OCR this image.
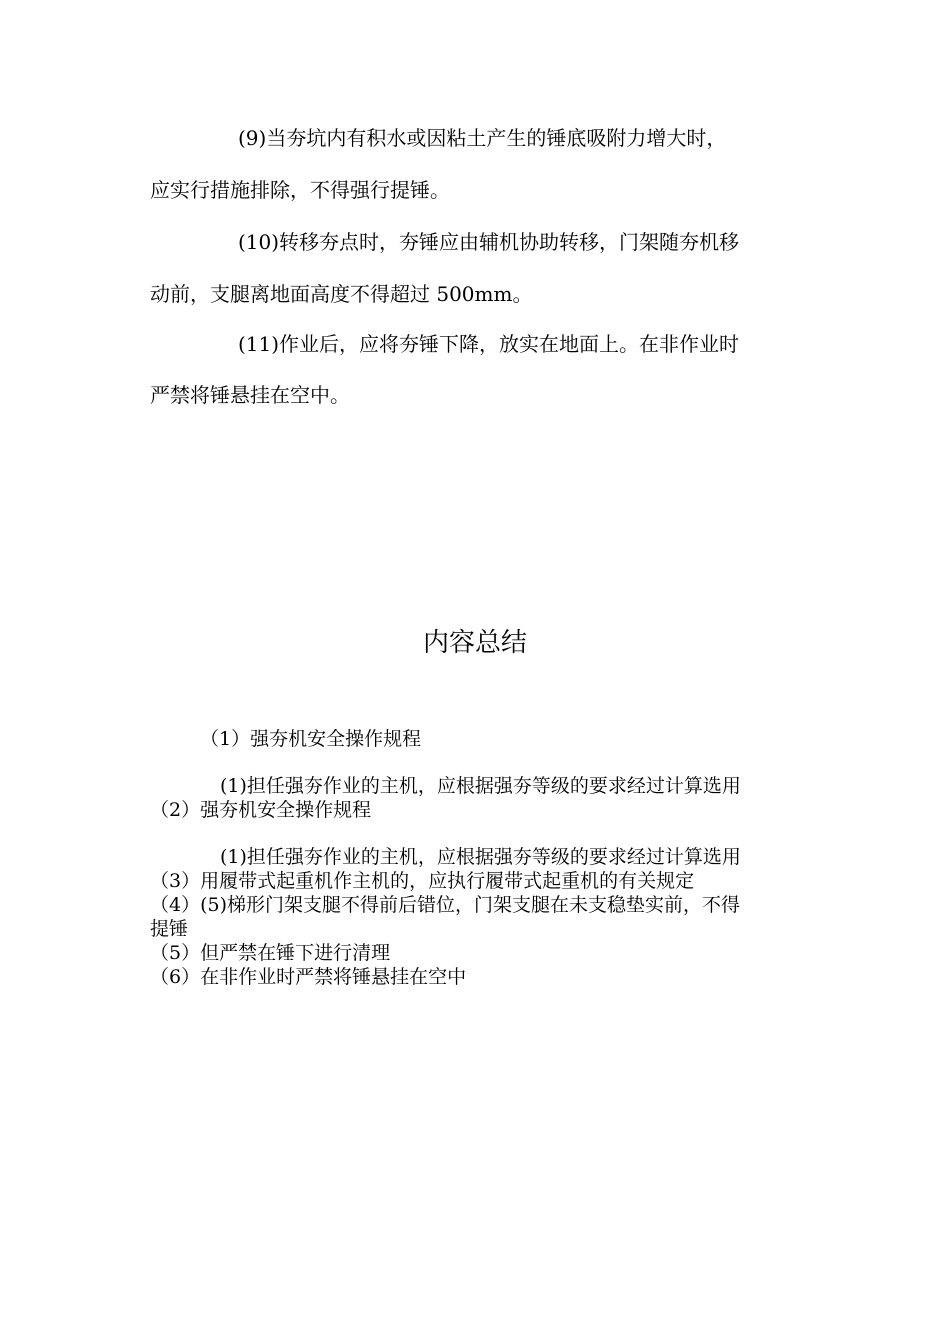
(9)当夯坑内有积水或因粘土产生的锤底吸附力增大时，
应实行措施排除，不得强行提锤。
(10)转移夯点时，夯锤应由辅机协助转移，门架随夯机移
动前，支腿离地面高度不得超过 500mm。
(11)作业后，应将夯锤下降，放实在地面上。在非作业时
严禁将锤悬挂在空中。
内容总结
（1）强夯机安全操作规程
(1)担任强夯作业的主机，应根据强夯等级的要求经过计算选用
（2）强夯机安全操作规程
(1)担任强夯作业的主机，应根据强夯等级的要求经过计算选用
（3）用履带式起重机作主机的，应执行履带式起重机的有关规定
（4）(5)梯形门架支腿不得前后错位，门架支腿在未支稳垫实前，不得
提锤
（5）但严禁在锤下进行清理
（6）在非作业时严禁将锤悬挂在空中
